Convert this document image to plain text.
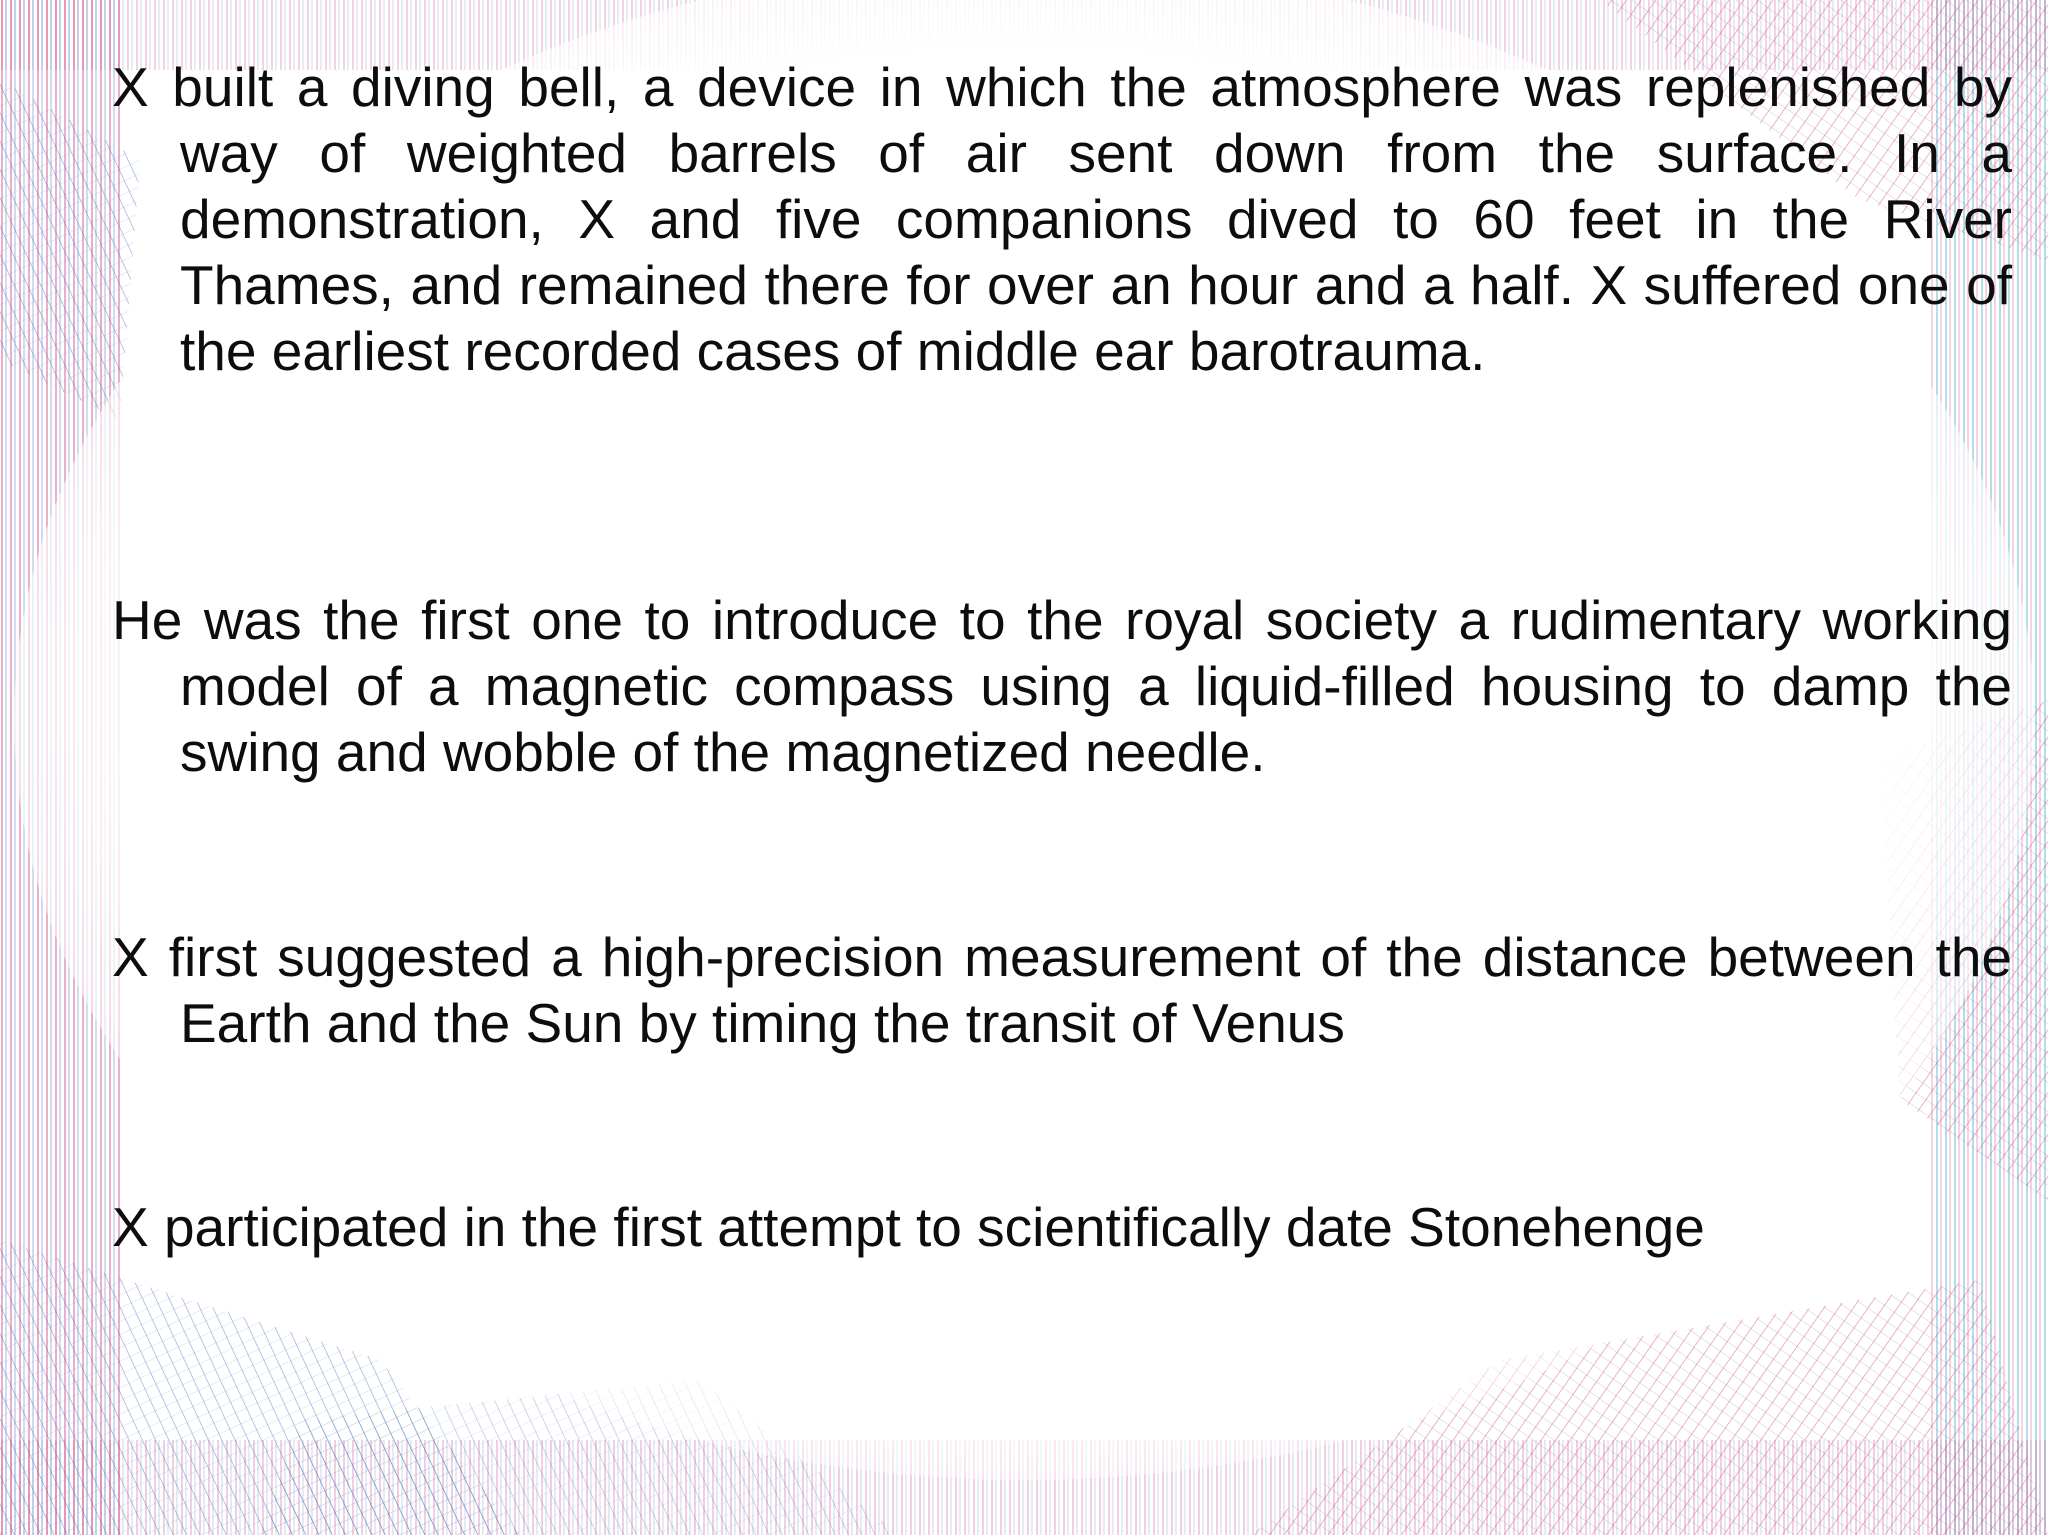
X built a diving bell, a device in which the atmosphere was replenished by way of weighted barrels of air sent down from the surface. In a demonstration, X and five companions dived to 60 feet in the River Thames, and remained there for over an hour and a half. X suffered one of the earliest recorded cases of middle ear barotrauma.

He was the first one to introduce to the royal society a rudimentary working model of a magnetic compass using a liquid-filled housing to damp the swing and wobble of the magnetized needle.

X first suggested a high-precision measurement of the distance between the Earth and the Sun by timing the transit of Venus

X participated in the first attempt to scientifically date Stonehenge
